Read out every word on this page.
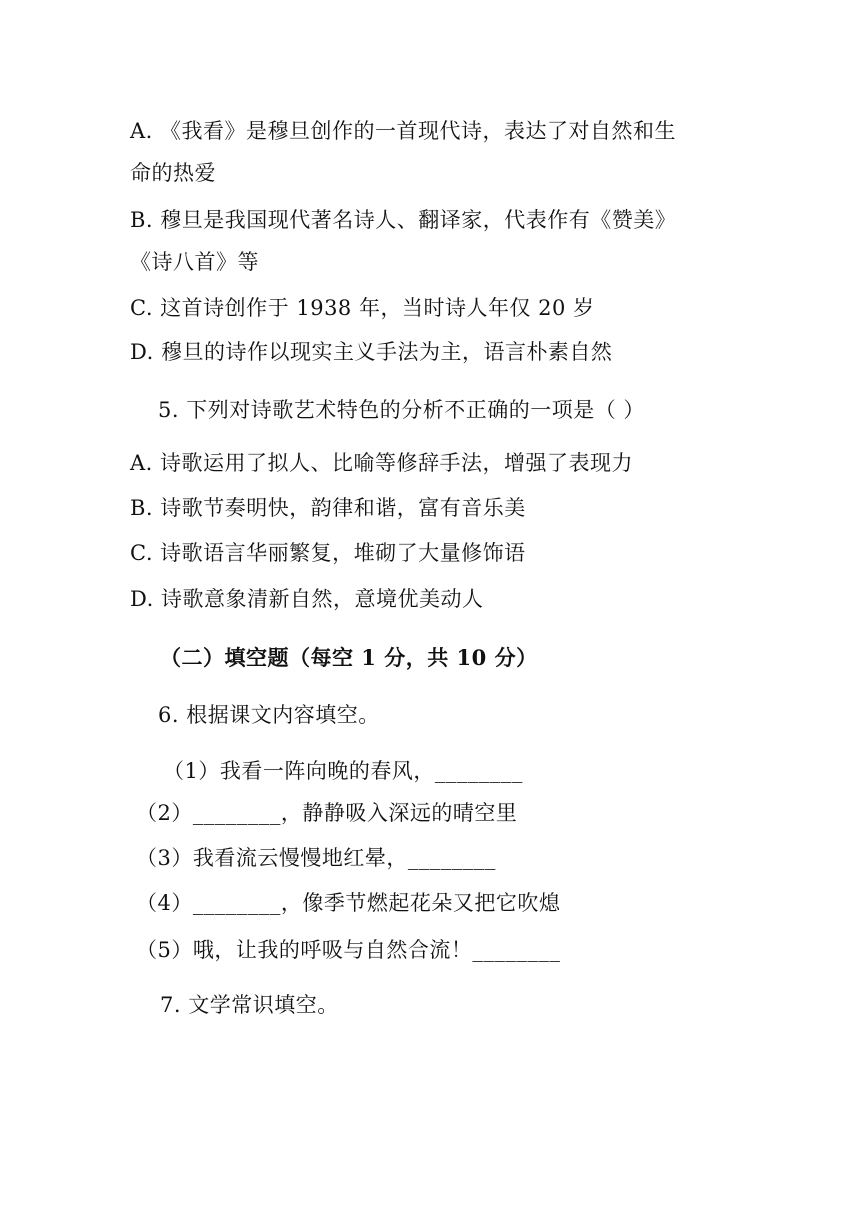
A. 《我看》是穆旦创作的一首现代诗，表达了对自然和生
命的热爱
B. 穆旦是我国现代著名诗人、翻译家，代表作有《赞美》
《诗八首》等
C. 这首诗创作于 1938 年，当时诗人年仅 20 岁
D. 穆旦的诗作以现实主义手法为主，语言朴素自然
5. 下列对诗歌艺术特色的分析不正确的一项是（ ）
A. 诗歌运用了拟人、比喻等修辞手法，增强了表现力
B. 诗歌节奏明快，韵律和谐，富有音乐美
C. 诗歌语言华丽繁复，堆砌了大量修饰语
D. 诗歌意象清新自然，意境优美动人
（二）填空题（每空 1 分，共 10 分）
6. 根据课文内容填空。
（1）我看一阵向晚的春风，________
（2）________，静静吸入深远的晴空里
（3）我看流云慢慢地红晕，________
（4）________，像季节燃起花朵又把它吹熄
（5）哦，让我的呼吸与自然合流！________
7. 文学常识填空。
